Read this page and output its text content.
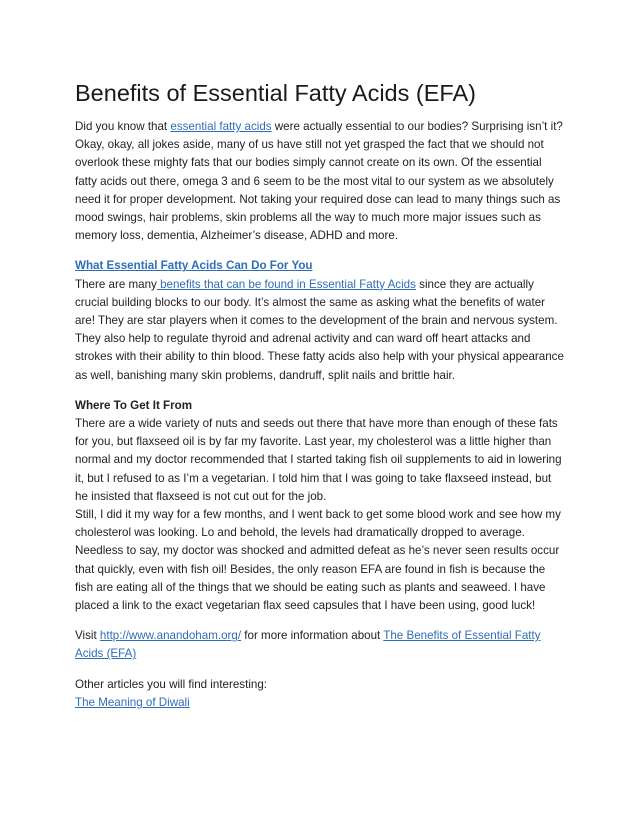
Benefits of Essential Fatty Acids (EFA)

Did you know that essential fatty acids were actually essential to our bodies? Surprising isn’t it? Okay, okay, all jokes aside, many of us have still not yet grasped the fact that we should not overlook these mighty fats that our bodies simply cannot create on its own. Of the essential fatty acids out there, omega 3 and 6 seem to be the most vital to our system as we absolutely need it for proper development. Not taking your required dose can lead to many things such as mood swings, hair problems, skin problems all the way to much more major issues such as memory loss, dementia, Alzheimer’s disease, ADHD and more.

What Essential Fatty Acids Can Do For You

There are many benefits that can be found in Essential Fatty Acids since they are actually crucial building blocks to our body. It’s almost the same as asking what the benefits of water are! They are star players when it comes to the development of the brain and nervous system. They also help to regulate thyroid and adrenal activity and can ward off heart attacks and strokes with their ability to thin blood. These fatty acids also help with your physical appearance as well, banishing many skin problems, dandruff, split nails and brittle hair.

Where To Get It From

There are a wide variety of nuts and seeds out there that have more than enough of these fats for you, but flaxseed oil is by far my favorite. Last year, my cholesterol was a little higher than normal and my doctor recommended that I started taking fish oil supplements to aid in lowering it, but I refused to as I’m a vegetarian. I told him that I was going to take flaxseed instead, but he insisted that flaxseed is not cut out for the job.

Still, I did it my way for a few months, and I went back to get some blood work and see how my cholesterol was looking. Lo and behold, the levels had dramatically dropped to average. Needless to say, my doctor was shocked and admitted defeat as he’s never seen results occur that quickly, even with fish oil! Besides, the only reason EFA are found in fish is because the fish are eating all of the things that we should be eating such as plants and seaweed. I have placed a link to the exact vegetarian flax seed capsules that I have been using, good luck!

Visit http://www.anandoham.org/ for more information about The Benefits of Essential Fatty Acids (EFA)

Other articles you will find interesting:

The Meaning of Diwali
